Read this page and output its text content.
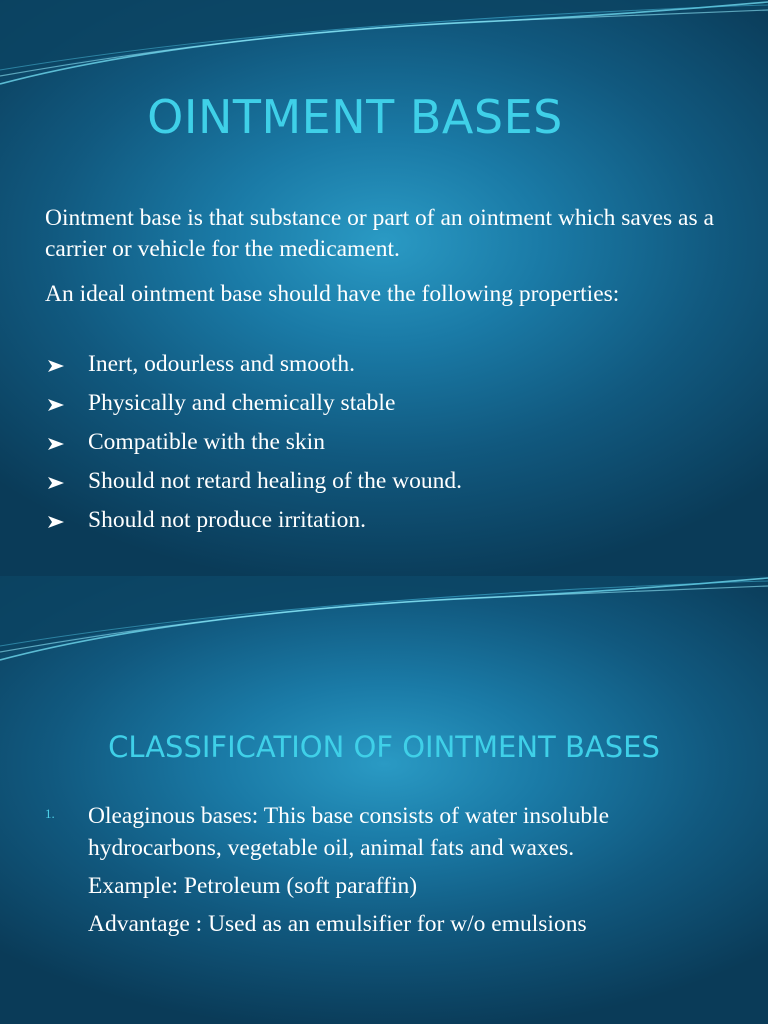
OINTMENT BASES

Ointment base is that substance or part of an ointment which saves as a carrier or vehicle for the medicament.

An ideal ointment base should have the following properties:

Inert, odourless and smooth.
Physically and chemically stable
Compatible with the skin
Should not retard healing of the wound.
Should not produce irritation.
CLASSIFICATION OF OINTMENT BASES
1. Oleaginous bases: This base consists of water insoluble hydrocarbons, vegetable oil, animal fats and waxes.

Example: Petroleum (soft paraffin)

Advantage : Used as an emulsifier for w/o emulsions
